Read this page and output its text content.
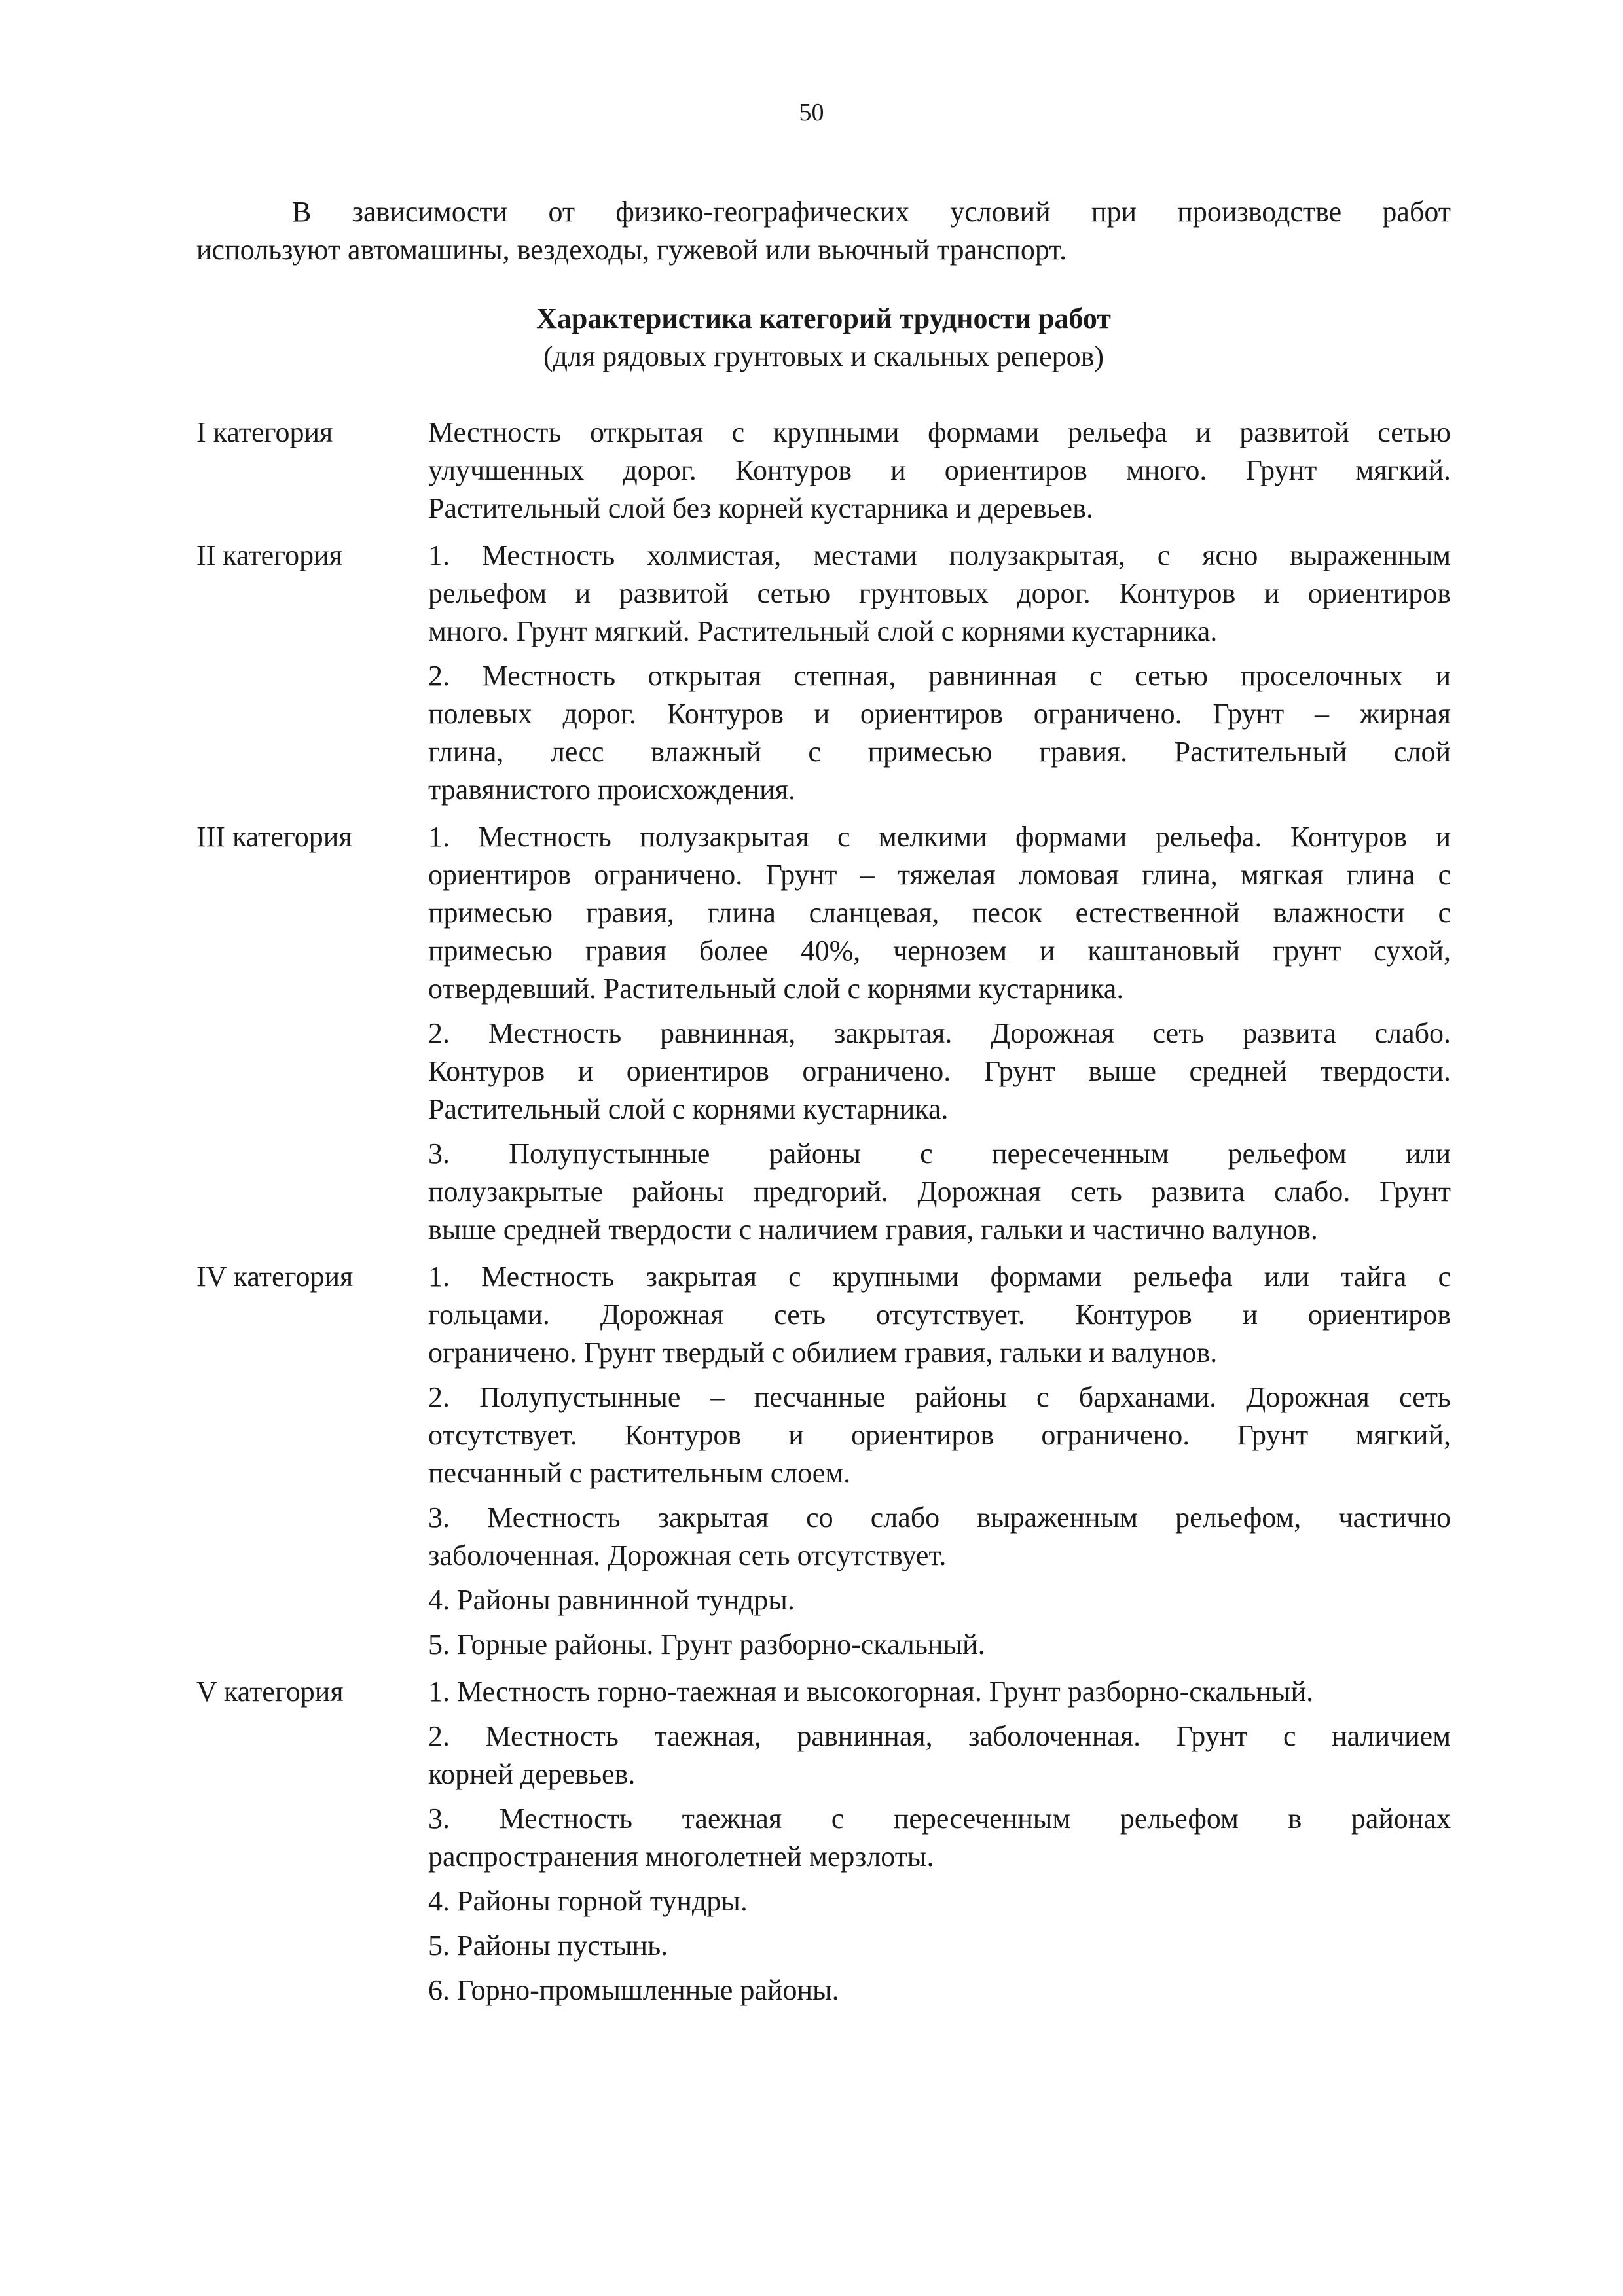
50
В зависимости от физико-географических условий при производстве работ
используют автомашины, вездеходы, гужевой или вьючный транспорт.
Характеристика категорий трудности работ
(для рядовых грунтовых и скальных реперов)
I категория	Местность открытая с крупными формами рельефа и развитой сетью
улучшенных дорог. Контуров и ориентиров много. Грунт мягкий.
Растительный слой без корней кустарника и деревьев.
II категория	1. Местность холмистая, местами полузакрытая, с ясно выраженным
рельефом и развитой сетью грунтовых дорог. Контуров и ориентиров
много. Грунт мягкий. Растительный слой с корнями кустарника.
2. Местность открытая степная, равнинная с сетью проселочных и
полевых дорог. Контуров и ориентиров ограничено. Грунт – жирная
глина, лесс влажный с примесью гравия. Растительный слой
травянистого происхождения.
III категория	1. Местность полузакрытая с мелкими формами рельефа. Контуров и
ориентиров ограничено. Грунт – тяжелая ломовая глина, мягкая глина с
примесью гравия, глина сланцевая, песок естественной влажности с
примесью гравия более 40%, чернозем и каштановый грунт сухой,
отвердевший. Растительный слой с корнями кустарника.
2. Местность равнинная, закрытая. Дорожная сеть развита слабо.
Контуров и ориентиров ограничено. Грунт выше средней твердости.
Растительный слой с корнями кустарника.
3. Полупустынные районы с пересеченным рельефом или
полузакрытые районы предгорий. Дорожная сеть развита слабо. Грунт
выше средней твердости с наличием гравия, гальки и частично валунов.
IV категория	1. Местность закрытая с крупными формами рельефа или тайга с
гольцами. Дорожная сеть отсутствует. Контуров и ориентиров
ограничено. Грунт твердый с обилием гравия, гальки и валунов.
2. Полупустынные – песчанные районы с барханами. Дорожная сеть
отсутствует. Контуров и ориентиров ограничено. Грунт мягкий,
песчанный с растительным слоем.
3. Местность закрытая со слабо выраженным рельефом, частично
заболоченная. Дорожная сеть отсутствует.
4. Районы равнинной тундры.
5. Горные районы. Грунт разборно-скальный.
V категория	1. Местность горно-таежная и высокогорная. Грунт разборно-скальный.
2. Местность таежная, равнинная, заболоченная. Грунт с наличием
корней деревьев.
3. Местность таежная с пересеченным рельефом в районах
распространения многолетней мерзлоты.
4. Районы горной тундры.
5. Районы пустынь.
6. Горно-промышленные районы.
